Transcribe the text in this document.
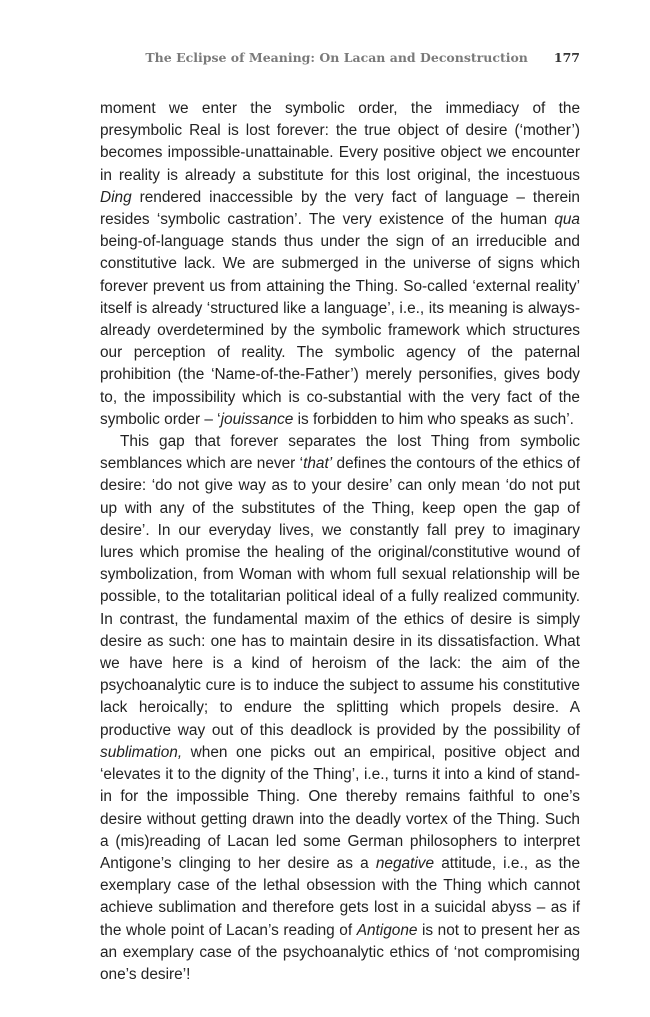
The Eclipse of Meaning: On Lacan and Deconstruction 177

moment we enter the symbolic order, the immediacy of the presymbolic Real is lost forever: the true object of desire (‘mother’) becomes impossible-unattainable. Every positive object we encounter in reality is already a substitute for this lost original, the incestuous Ding rendered inaccessible by the very fact of language – therein resides ‘symbolic castration’. The very existence of the human qua being-of-language stands thus under the sign of an irreducible and constitutive lack. We are submerged in the universe of signs which forever prevent us from attaining the Thing. So-called ‘external reality’ itself is already ‘structured like a language’, i.e., its meaning is always-already overdetermined by the symbolic framework which structures our perception of reality. The symbolic agency of the paternal prohibition (the ‘Name-of-the-Father’) merely personifies, gives body to, the impossibility which is co-substantial with the very fact of the symbolic order – ‘jouissance is forbidden to him who speaks as such’.

This gap that forever separates the lost Thing from symbolic semblances which are never ‘that’ defines the contours of the ethics of desire: ‘do not give way as to your desire’ can only mean ‘do not put up with any of the substitutes of the Thing, keep open the gap of desire’. In our everyday lives, we constantly fall prey to imaginary lures which promise the healing of the original/constitutive wound of symbolization, from Woman with whom full sexual relationship will be possible, to the totalitarian political ideal of a fully realized community. In contrast, the fundamental maxim of the ethics of desire is simply desire as such: one has to maintain desire in its dissatisfaction. What we have here is a kind of heroism of the lack: the aim of the psychoanalytic cure is to induce the subject to assume his constitutive lack heroically; to endure the splitting which propels desire. A productive way out of this deadlock is provided by the possibility of sublimation, when one picks out an empirical, positive object and ‘elevates it to the dignity of the Thing’, i.e., turns it into a kind of stand-in for the impossible Thing. One thereby remains faithful to one’s desire without getting drawn into the deadly vortex of the Thing. Such a (mis)reading of Lacan led some German philosophers to interpret Antigone’s clinging to her desire as a negative attitude, i.e., as the exemplary case of the lethal obsession with the Thing which cannot achieve sublimation and therefore gets lost in a suicidal abyss – as if the whole point of Lacan’s reading of Antigone is not to present her as an exemplary case of the psychoanalytic ethics of ‘not compromising one’s desire’!
